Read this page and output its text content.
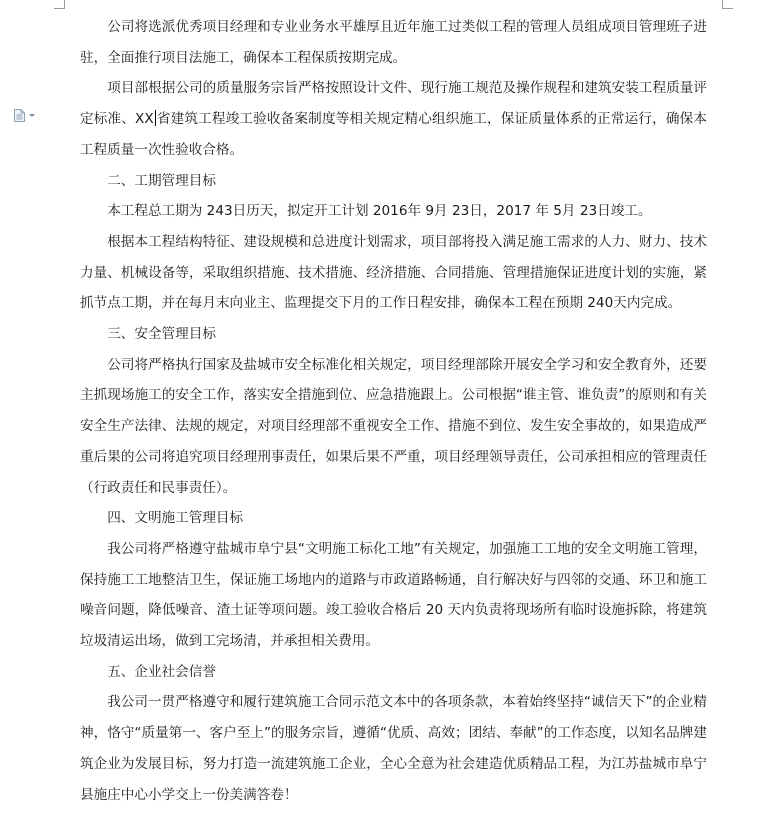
公司将选派优秀项目经理和专业业务水平雄厚且近年施工过类似工程的管理人员组成项目管理班子进驻，全面推行项目法施工，确保本工程保质按期完成。

项目部根据公司的质量服务宗旨严格按照设计文件、现行施工规范及操作规程和建筑安装工程质量评定标准、XX 省建筑工程竣工验收备案制度等相关规定精心组织施工，保证质量体系的正常运行，确保本工程质量一次性验收合格。

二、工期管理目标

本工程总工期为 243日历天，拟定开工计划 2016年 9月 23日，2017 年 5月 23日竣工。

根据本工程结构特征、建设规模和总进度计划需求，项目部将投入满足施工需求的人力、财力、技术力量、机械设备等，采取组织措施、技术措施、经济措施、合同措施、管理措施保证进度计划的实施，紧抓节点工期，并在每月末向业主、监理提交下月的工作日程安排，确保本工程在预期 240天内完成。

三、安全管理目标

公司将严格执行国家及盐城市安全标准化相关规定，项目经理部除开展安全学习和安全教育外，还要主抓现场施工的安全工作，落实安全措施到位、应急措施跟上。公司根据“谁主管、谁负责”的原则和有关安全生产法律、法规的规定，对项目经理部不重视安全工作、措施不到位、发生安全事故的，如果造成严重后果的公司将追究项目经理刑事责任，如果后果不严重，项目经理领导责任，公司承担相应的管理责任（行政责任和民事责任）。

四、文明施工管理目标

我公司将严格遵守盐城市阜宁县“文明施工标化工地”有关规定，加强施工工地的安全文明施工管理，保持施工工地整洁卫生，保证施工场地内的道路与市政道路畅通，自行解决好与四邻的交通、环卫和施工噪音问题，降低噪音、渣土证等项问题。竣工验收合格后 20 天内负责将现场所有临时设施拆除，将建筑垃圾清运出场，做到工完场清，并承担相关费用。

五、企业社会信誉

我公司一贯严格遵守和履行建筑施工合同示范文本中的各项条款，本着始终坚持“诚信天下”的企业精神，恪守“质量第一、客户至上”的服务宗旨，遵循“优质、高效；团结、奉献”的工作态度，以知名品牌建筑企业为发展目标，努力打造一流建筑施工企业，全心全意为社会建造优质精品工程，为江苏盐城市阜宁县施庄中心小学交上一份美满答卷！
